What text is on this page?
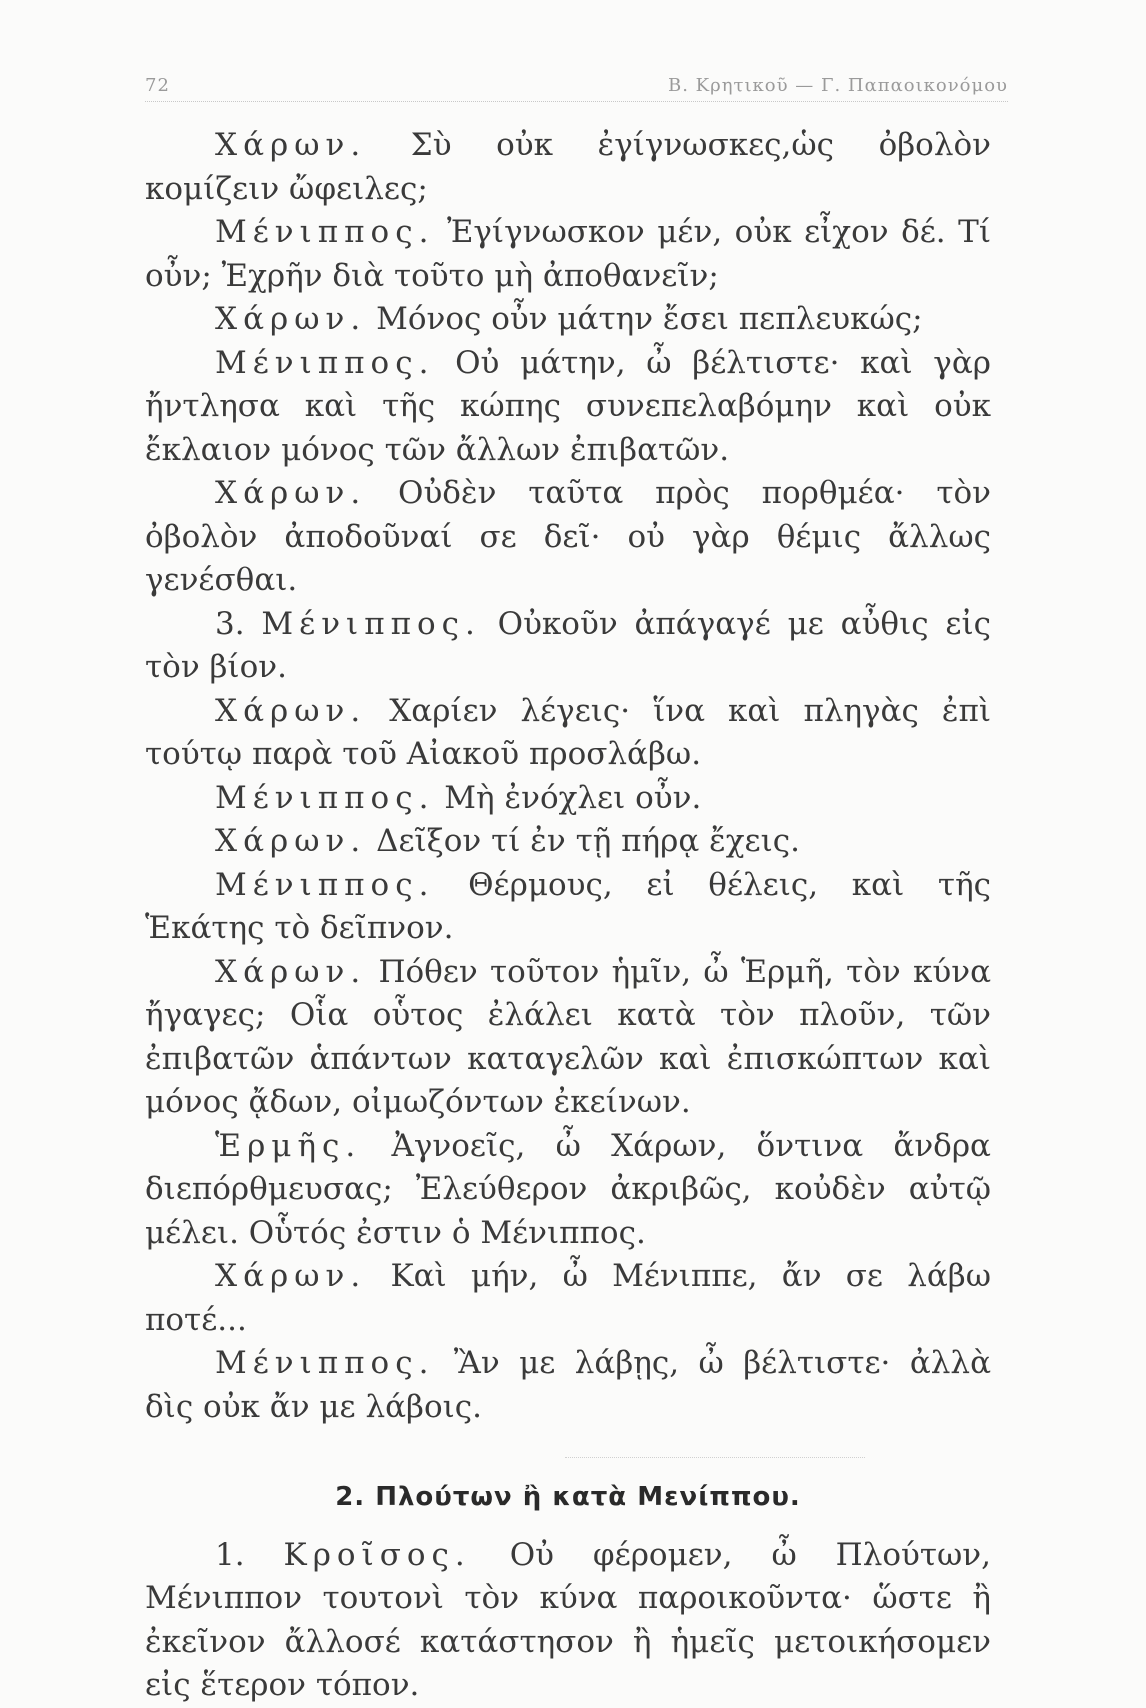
72	Β. Κρητικοῦ — Γ. Παπαοικονόμου

Χάρων. Σὺ οὐκ ἐγίγνωσκες,ὡς ὀβολὸν κομίζειν ὤφειλες;

Μένιππος. Ἐγίγνωσκον μέν, οὐκ εἶχον δέ. Τί οὖν; Ἐχρῆν διὰ τοῦτο μὴ ἀποθανεῖν;

Χάρων. Μόνος οὖν μάτην ἔσει πεπλευκώς;

Μένιππος. Οὐ μάτην, ὦ βέλτιστε· καὶ γὰρ ἤντλησα καὶ τῆς κώπης συνεπελαβόμην καὶ οὐκ ἔκλαιον μόνος τῶν ἄλλων ἐπιβατῶν.

Χάρων. Οὐδὲν ταῦτα πρὸς πορθμέα· τὸν ὀβολὸν ἀποδοῦναί σε δεῖ· οὐ γὰρ θέμις ἄλλως γενέσθαι.

3. Μένιππος. Οὐκοῦν ἀπάγαγέ με αὖθις εἰς τὸν βίον.

Χάρων. Χαρίεν λέγεις· ἵνα καὶ πληγὰς ἐπὶ τούτῳ παρὰ τοῦ Αἰακοῦ προσλάβω.

Μένιππος. Μὴ ἐνόχλει οὖν.

Χάρων. Δεῖξον τί ἐν τῇ πήρᾳ ἔχεις.

Μένιππος. Θέρμους, εἰ θέλεις, καὶ τῆς Ἑκάτης τὸ δεῖπνον.

Χάρων. Πόθεν τοῦτον ἡμῖν, ὦ Ἑρμῆ, τὸν κύνα ἤγαγες; Οἷα οὗτος ἐλάλει κατὰ τὸν πλοῦν, τῶν ἐπιβατῶν ἁπάντων καταγελῶν καὶ ἐπισκώπτων καὶ μόνος ᾄδων, οἰμωζόντων ἐκείνων.

Ἑρμῆς. Ἀγνοεῖς, ὦ Χάρων, ὅντινα ἄνδρα διεπόρθμευσας; Ἐλεύθερον ἀκριβῶς, κοὐδὲν αὐτῷ μέλει. Οὗτός ἐστιν ὁ Μένιππος.

Χάρων. Καὶ μήν, ὦ Μένιππε, ἄν σε λάβω ποτέ...

Μένιππος. Ἂν με λάβῃς, ὦ βέλτιστε· ἀλλὰ δὶς οὐκ ἄν με λάβοις.

2. Πλούτων ἢ κατὰ Μενίππου.

1. Κροῖσος. Οὐ φέρομεν, ὦ Πλούτων, Μένιππον τουτονὶ τὸν κύνα παροικοῦντα· ὥστε ἢ ἐκεῖνον ἄλλοσέ κατάστησον ἢ ἡμεῖς μετοικήσομεν εἰς ἕτερον τόπον.
